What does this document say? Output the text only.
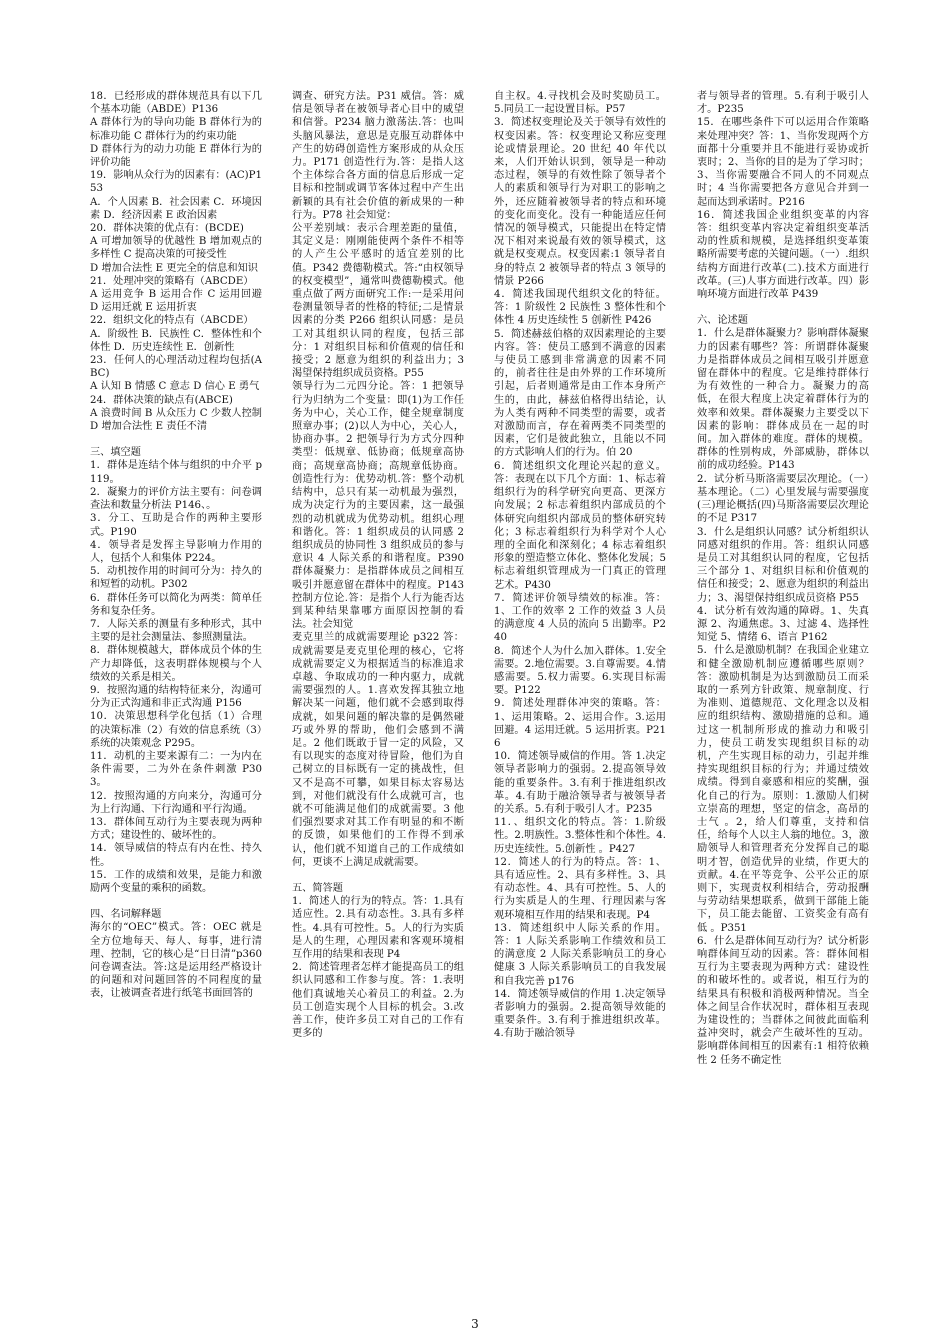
18．已经形成的群体规范具有以下几个基本功能（ABDE）P136

A 群体行为的导向功能 B 群体行为的标准功能 C 群体行为的约束功能

D 群体行为的动力功能 E 群体行为的评价功能

19．影响从众行为的因素有：(AC)P153

A．个人因素 B．社会因素 C．环境因素 D．经济因素 E 政治因素

20．群体决策的优点有：(BCDE)

A 可增加领导的优越性 B 增加观点的多样性 C 提高决策的可接受性

D 增加合法性 E 更完全的信息和知识

21．处理冲突的策略有（ABCDE）

A 运用竞争 B 运用合作 C 运用回避 D 运用迁就 E 运用折衷

22．组织文化的特点有（ABCDE）

A．阶级性 B．民族性 C．整体性和个体性 D．历史连续性 E．创新性

23．任何人的心理活动过程均包括(ABC)

A 认知 B 情感 C 意志 D 信心 E 勇气

24．群体决策的缺点有(ABCE)

A 浪费时间 B 从众压力 C 少数人控制 D 增加合法性 E 责任不清

三、填空题

1．群体是连结个体与组织的中介平 p119。

2．凝聚力的评价方法主要有：问卷调查法和数量分析法 P146、。

3．分工、互助是合作的两种主要形式。P190

4．领导者是发挥主导影响力作用的人，包括个人和集体 P224。

5．动机按作用的时间可分为：持久的和短暂的动机。P302

6．群体任务可以简化为两类：简单任务和复杂任务。

7．人际关系的测量有多种形式，其中主要的是社会测量法、参照测量法。

8．群体规模越大，群体成员个体的生产力却降低，这表明群体规模与个人绩效的关系是相关。

9．按照沟通的结构特征来分，沟通可分为正式沟通和非正式沟通 P156

10．决策思想科学化包括（1）合理的决策标准（2）有效的信息系统（3）系统的决策观念 P295。

11．动机的主要来源有二：一为内在条件需要，二为外在条件刺激 P303。

12．按照沟通的方向来分，沟通可分为上行沟通、下行沟通和平行沟通。

13．群体间互动行为主要表现为两种方式；建设性的、破坏性的。

14．领导威信的特点有内在性、持久性。

15．工作的成绩和效果，是能力和激励两个变量的乘积的函数。

四、名词解释题

海尔的“OEC”模式。答：OEC 就是全方位地每天、每人、每事，进行清理、控制，它的核心是“日日清”p360 问卷调查法。答:这是运用经严格设计的问题和对问题回答的不同程度的量表，让被调查者进行纸笔书面回答的

调查、研究方法。P31 威信。答：威信是领导者在被领导者心目中的威望和信誉。P234 脑力激荡法.答：也叫头脑风暴法，意思是克服互动群体中产生的妨碍创造性方案形成的从众压力。P171 创造性行为.答：是指人这个主体综合各方面的信息后形成一定目标和控制或调节客体过程中产生出新颖的具有社会价值的新成果的一种行为。P78 社会知觉：

公平差别域：表示合理差距的量值，其定义是：刚刚能使两个条件不相等的人产生公平感时的适宜差别的比值。P342 费德勒模式。答:“由权领导的权变模型”，通常叫费德勒模式。他重点做了两方面研究工作:一是采用问卷测量领导者的性格的特征;二是情景因素的分类 P266 组织认同感：是员工对其组织认同的程度，包括三部分：1 对组织目标和价值观的信任和接受；2 愿意为组织的利益出力；3 渴望保持组织成员资格。P55

领导行为二元四分论。答：1 把领导行为归纳为二个变量：即(1)为工作任务为中心，关心工作，健全规章制度照章办事；(2)以人为中心，关心人，协商办事。2 把领导行为方式分四种类型：低规章、低协商；低规章高协商；高规章高协商；高规章低协商。创造性行为：优势动机.答：整个动机结构中，总只有某一动机最为强烈，成为决定行为的主要因素，这一最强烈的动机就成为优势动机。组织心理和谐化。答：1 组织成员的认同感 2 组织成员的协同性 3 组织成员的参与意识 4 人际关系的和谐程度。P390 群体凝聚力：是指群体成员之间相互吸引并愿意留在群体中的程度。P143 控制方位论.答：是指个人行为能否达到某种结果靠哪方面原因控制的看法。社会知觉

麦克里兰的成就需要理论 p322 答：成就需要是麦克里伦理的核心，它将成就需要定义为根据适当的标准追求卓越、争取成功的一种内驱力，成就需要强烈的人。1.喜欢发挥其独立地解决某一问题，他们就不会感到取得成就，如果问题的解决靠的是偶然碰巧或外界的帮助，他们会感到不满足。2 他们既敢于冒一定的风险，又有以现实的态度对待冒险，他们为自己树立的目标既有一定的挑战性，但又不是高不可攀，如果目标太容易达到，对他们就没有什么成就可言，也就不可能满足他们的成就需要。3 他们强烈要求对其工作有明显的和不断的反馈，如果他们的工作得不到承认，他们就不知道自己的工作成绩如何，更谈不上满足成就需要。

五、简答题

1．简述人的行为的特点。答：1.具有适应性。2.具有动态性。3.具有多样性。4.具有可控性。5。人的行为实质是人的生理，心理因素和客观环境相互作用的结果和表现 P4

2．简述管理者怎样才能提高员工的组织认同感和工作参与度。答：1.表明他们真诚地关心着员工的利益。2.为员工创造实现个人目标的机会。3.改善工作，使许多员工对自己的工作有更多的

自主权。4.寻找机会及时奖励员工。5.同员工一起设置目标。P57

3．简述权变理论及关于领导有效性的权变因素。答：权变理论又称应变理论或情景理论。20 世纪 40 年代以来，人们开始认识到，领导是一种动态过程，领导的有效性除了领导者个人的素质和领导行为对职工的影响之外，还应随着被领导者的特点和环境的变化而变化。没有一种能适应任何情况的领导模式，只能提出在特定情况下相对来说最有效的领导模式，这就是权变观点。权变因素:1 领导者自身的特点 2 被领导者的特点 3 领导的情景 P266

4．简述我国现代组织文化的特征。答：1 阶级性 2 民族性 3 整体性和个体性 4 历史连续性 5 创新性 P426

5．简述赫兹伯格的双因素理论的主要内容。答：使员工感到不满意的因素与使员工感到非常满意的因素不同的，前者往往是由外界的工作环境所引起，后者则通常是由工作本身所产生的，由此，赫兹伯格得出结论，认为人类有两种不同类型的需要，或者对激励而言，存在着两类不同类型的因素，它们是彼此独立，且能以不同的方式影响人们的行为。伯 20

6．简述组织文化理论兴起的意义。答：表现在以下几个方面：1、标志着组织行为的科学研究向更高、更深方向发展；2 标志着组织内部成员的个体研究向组织内部成员的整体研究转化；3 标志着组织行为科学对个人心理的全面化和深刻化；4 标志着组织形象的塑造整立体化、整体化发展；5 标志着组织管理成为一门真正的管理艺术。P430

7．简述评价领导绩效的标准。答：1、工作的效率 2 工作的效益 3 人员的满意度 4 人员的流向 5 出勤率。P240

8．简述个人为什么加入群体。1.安全需要。2.地位需要。3.自尊需要。4.情感需要。5.权力需要。6.实现目标需要。P122

9．简述处理群体冲突的策略。答：1、运用策略。2、运用合作。3.运用回避。4 运用迁就。5 运用折衷。P216

10．简述领导威信的作用。答 1.决定领导者影响力的强弱。2.提高领导效能的重要条件。3.有利于推进组织改革。4.有助于融洽领导者与被领导者的关系。5.有利于吸引人才。P235

11．、组织文化的特点。答：1.阶级性。2.明族性。3.整体性和个体性。4.历史连续性。5.创新性 。P427

12．简述人的行为的特点。答：1、具有适应性。2、具有多样性。3、具有动态性。4、具有可控性。5、人的行为实质是人的生理、行理因素与客观环境相互作用的结果和表现。P4

13．简述组织中人际关系的作用。答：1 人际关系影响工作绩效和员工的满意度 2 人际关系影响员工的身心健康 3 人际关系影响员工的自我发展和自我完善 p176

14．简述领导威信的作用 1.决定领导者影响力的强弱。2.提高领导效能的重要条件。3.有利于推进组织改革。4.有助于融洽领导

者与领导者的管理。5.有利于吸引人才。P235

15．在哪些条件下可以运用合作策略来处理冲突？答：1、当你发现两个方面都十分重要并且不能进行妥协或折衷时；2、当你的目的是为了学习时；3、当你需要融合不同人的不同观点时；4 当你需要把各方意见合并到一起而达到承诺时。P216

16．简述我国企业组织变革的内容答：组织变革内容决定着组织变革活动的性质和规模，是选择组织变革策略所需要考虑的关键问题。（一）.组织结构方面进行改革(二).技术方面进行改革。(三)人事方面进行改革。四）影响环境方面进行改革 P439

六、论述题

1．什么是群体凝聚力？影响群体凝聚力的因素有哪些？答：所谓群体凝聚力是指群体成员之间相互吸引并愿意留在群体中的程度。它是维持群体行为有效性的一种合力。凝聚力的高低，在很大程度上决定着群体行为的效率和效果。群体凝聚力主要受以下因素的影响：群体成员在一起的时间。加入群体的难度。群体的规模。群体的性别构成，外部威胁，群体以前的成功经验。P143

2．试分析马斯洛需要层次理论。（一）基本理论。（二）心里发展与需要强度(三)理论概括(四)马斯洛需要层次理论的不足 P317

3．什么是组织认同感？试分析组织认同感对组织的作用。答：组织认同感是员工对其组织认同的程度，它包括三个部分 1、对组织目标和价值观的信任和接受；2、愿意为组织的利益出力；3、渴望保持组织成员资格 P55

4．试分析有效沟通的障碍。1、失真源 2、沟通焦虑。3、过滤 4、选择性知觉 5、情绪 6、语言 P162

5．什么是激励机制？在我国企业建立和健全激励机制应遵循哪些原则？答：激励机制是为达到激励员工而采取的一系列方针政策、规章制度、行为准则、道德规范、文化理念以及相应的组织结构、激励措施的总和。通过这一机制所形成的推动力和吸引力，使员工萌发实现组织目标的动机，产生实现目标的动力，引起并维持实现组织目标的行为；并通过绩效成绩。得到自豪感和相应的奖酬，强化自己的行为。原则：1.激励人们树立崇高的理想，坚定的信念，高昂的士气 。2，给人们尊重，支持和信任，给每个人以主人翁的地位。3，激励领导人和管理者充分发挥自己的聪明才智，创造优异的业绩，作更大的贡献。4.在平等竞争、公平公正的原则下，实现责权利相结合，劳动报酬与劳动结果想联系，做到干部能上能下，员工能去能留、工资奖金有高有低 。P351

6．什么是群体间互动行为？试分析影响群体间互动的因素。答：群体间相互行为主要表现为两种方式：建设性的和破坏性的。或者说，相互行为的结果具有积极和消极两种情况。当全体之间呈合作状况时，群体相互表现为建设性的；当群体之间彼此面临利益冲突时，就会产生破坏性的互动。影响群体间相互的因素有:1 相符依赖性 2 任务不确定性

3
